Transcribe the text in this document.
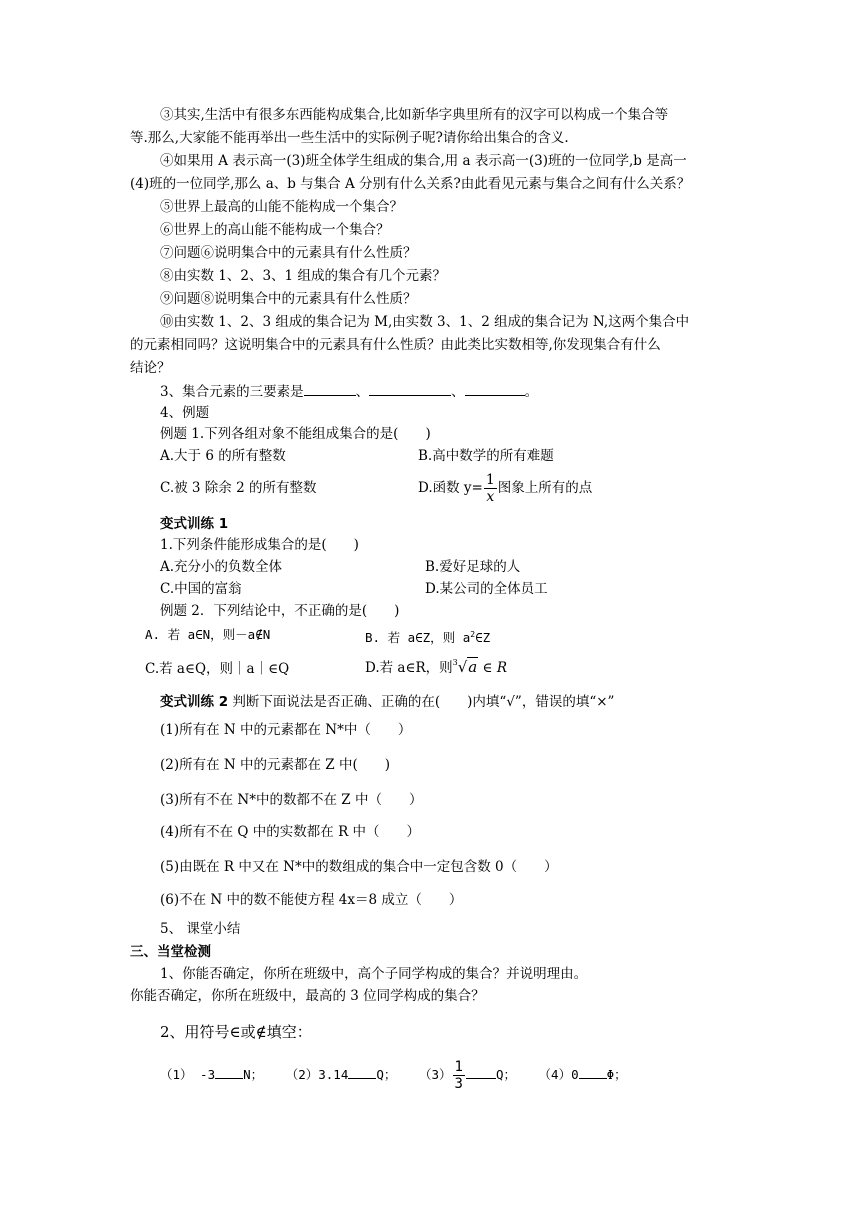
③其实,生活中有很多东西能构成集合,比如新华字典里所有的汉字可以构成一个集合等
等.那么,大家能不能再举出一些生活中的实际例子呢?请你给出集合的含义.
④如果用 A 表示高一(3)班全体学生组成的集合,用 a 表示高一(3)班的一位同学,b 是高一
(4)班的一位同学,那么 a、b 与集合 A 分别有什么关系?由此看见元素与集合之间有什么关系？
⑤世界上最高的山能不能构成一个集合？
⑥世界上的高山能不能构成一个集合？
⑦问题⑥说明集合中的元素具有什么性质？
⑧由实数 1、2、3、1 组成的集合有几个元素？
⑨问题⑧说明集合中的元素具有什么性质？
⑩由实数 1、2、3 组成的集合记为 M,由实数 3、1、2 组成的集合记为 N,这两个集合中
的元素相同吗？这说明集合中的元素具有什么性质？由此类比实数相等,你发现集合有什么
结论？
3、集合元素的三要素是	、	、	。
4、例题
例题 1.下列各组对象不能组成集合的是(　　)
A.大于 6 的所有整数	B.高中数学的所有难题
C.被 3 除余 2 的所有整数	D.函数 $y= \frac{1}{x}$ 图象上所有的点
变式训练 1
1.下列条件能形成集合的是(　　)
A.充分小的负数全体	B.爱好足球的人
C.中国的富翁	D.某公司的全体员工
例题 2．下列结论中，不正确的是(　　)
A. 若 a∈N，则－a∉N	B. 若 a∈Z，则 $a^2\in Z$
C.若 a∈Q，则｜a｜∈Q	D.若 a∈R，则$^3$√a ∈ R
变式训练 2 判断下面说法是否正确、正确的在(　　)内填“√”，错误的填“×”
(1)所有在 N 中的元素都在 N*中（　　）
(2)所有在 N 中的元素都在 Z 中(　　)
(3)所有不在 N*中的数都不在 Z 中（　　）
(4)所有不在 Q 中的实数都在 R 中（　　）
(5)由既在 R 中又在 N*中的数组成的集合中一定包含数 0（　　）
(6)不在 N 中的数不能使方程 4x＝8 成立（　　）
5、 课堂小结
三、当堂检测
1、你能否确定，你所在班级中，高个子同学构成的集合？并说明理由。
你能否确定，你所在班级中，最高的 3 位同学构成的集合？
2、用符号∈或∉填空：
（1） -3 N； （2）3.14 Q； $(3) \frac{1}{3}$ Q； （4）0 Φ；
